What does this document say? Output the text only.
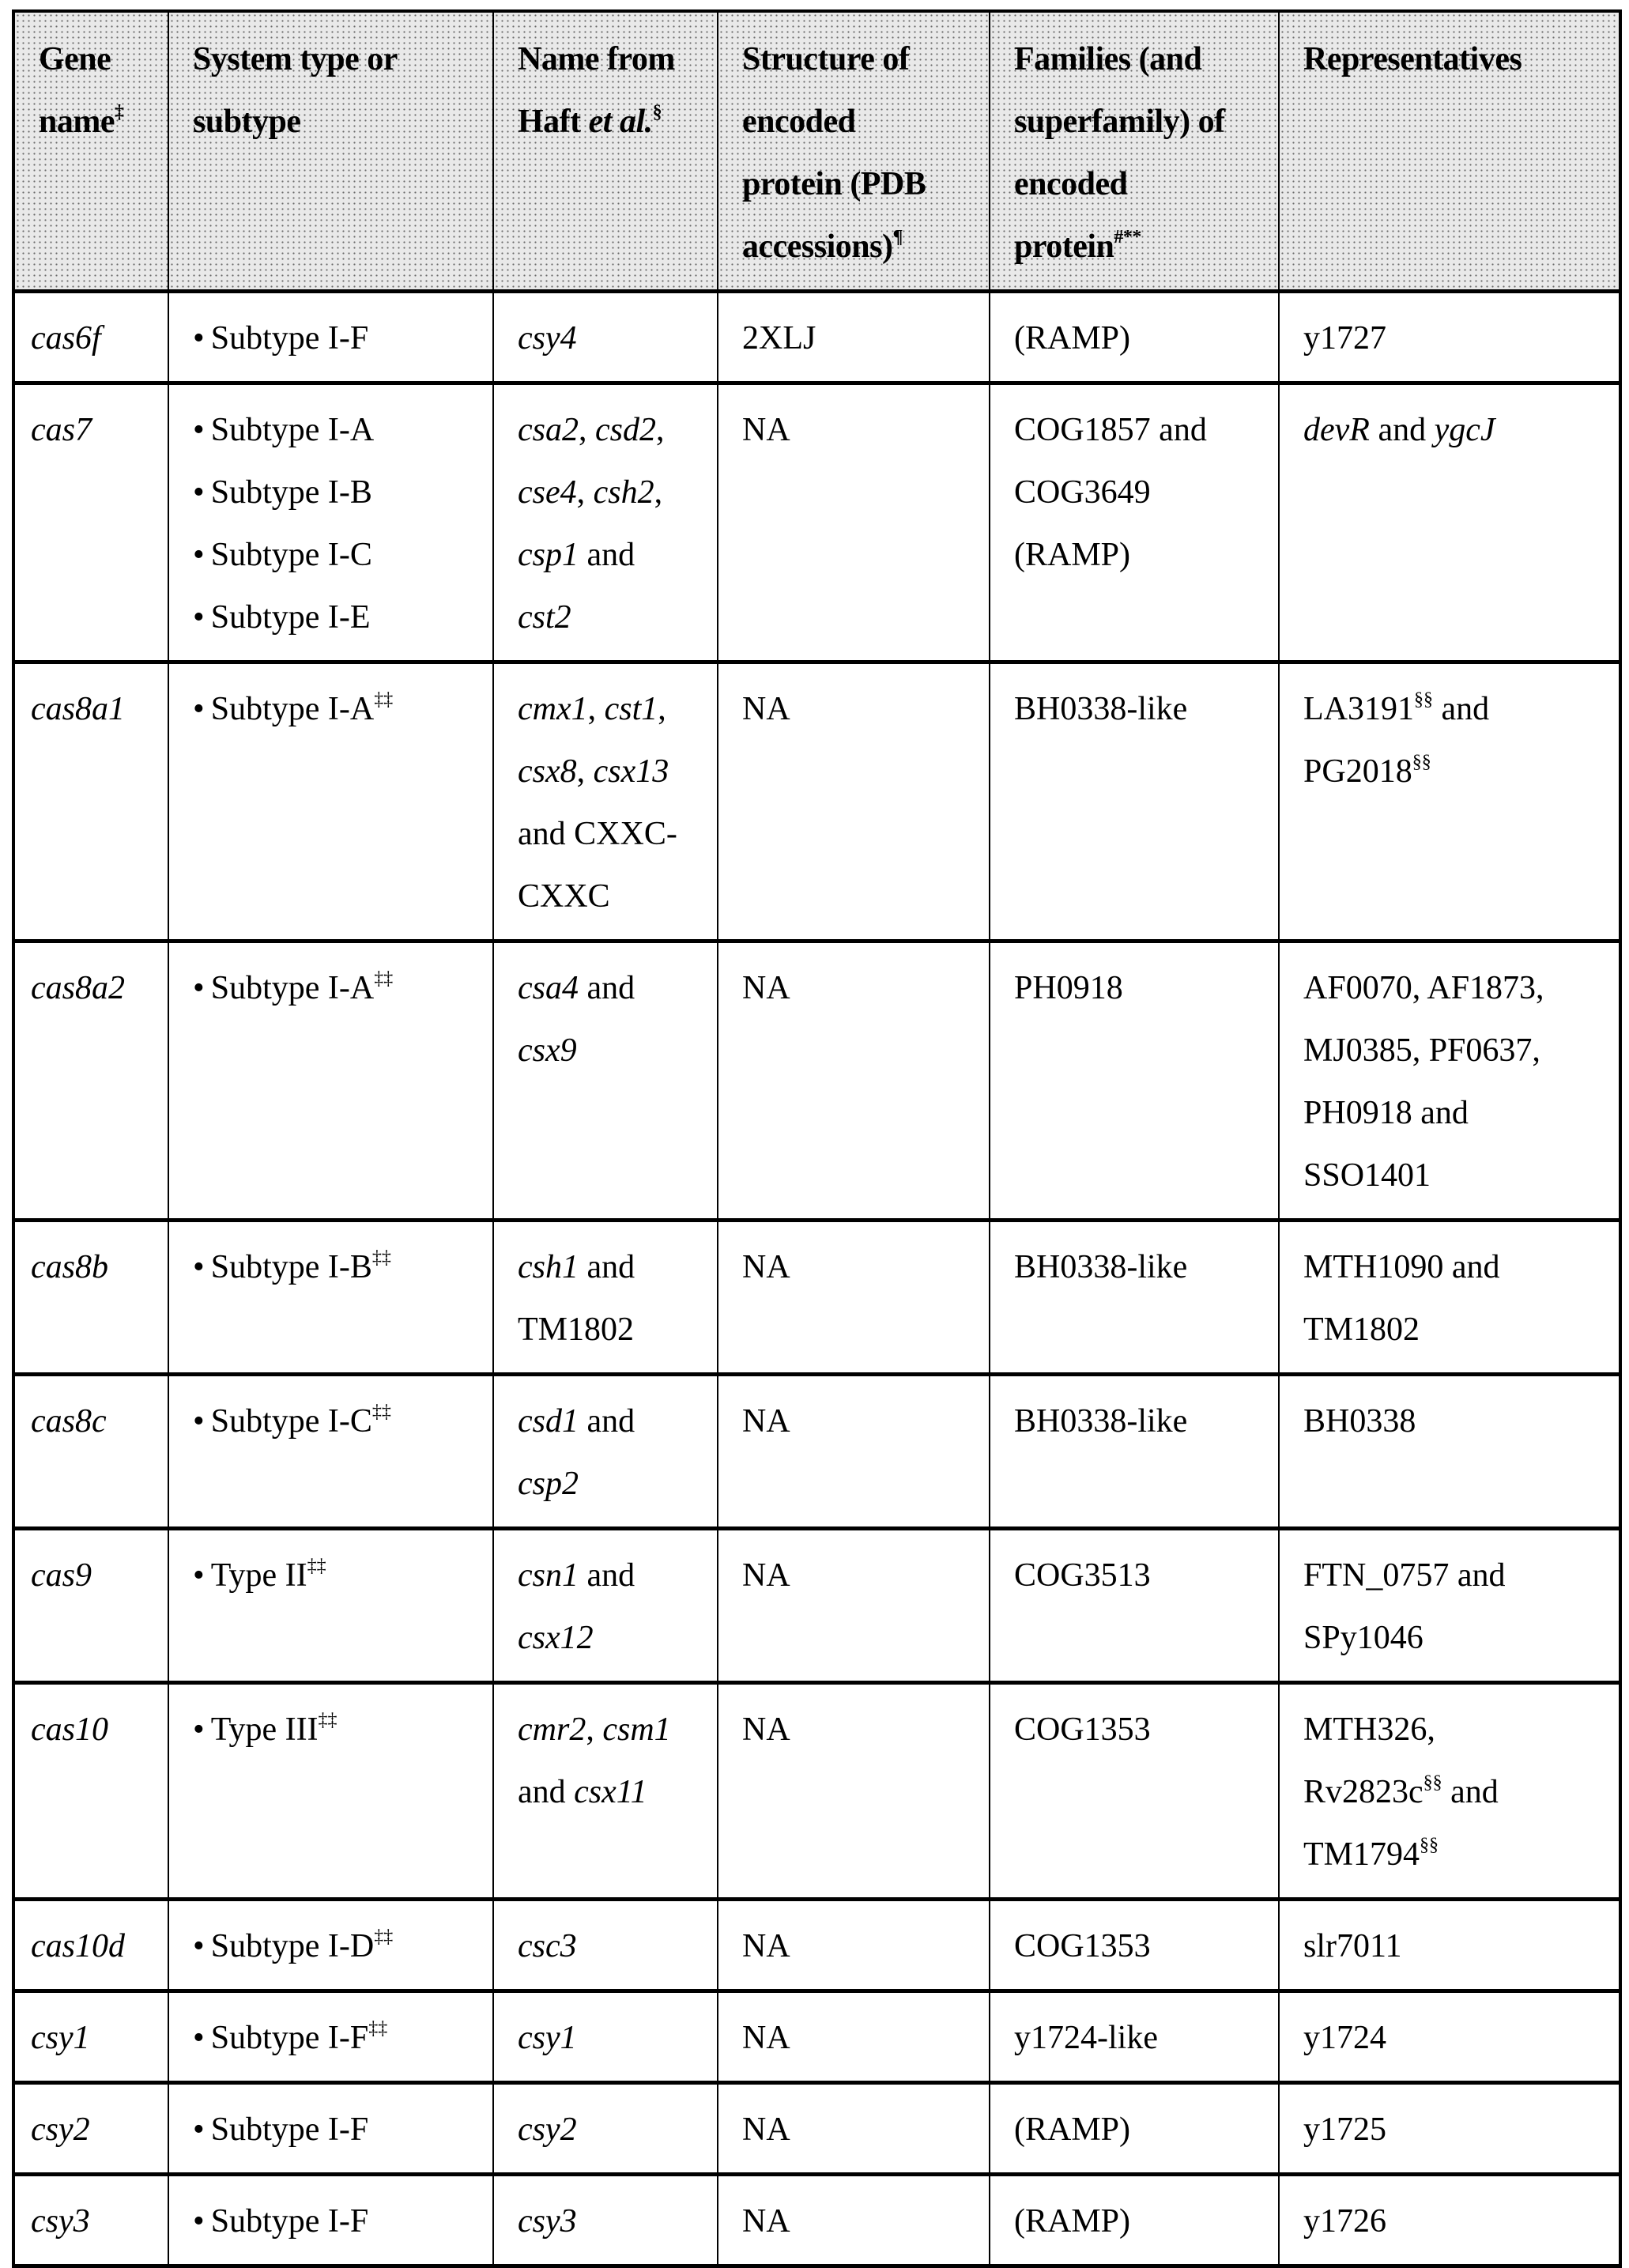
Gene
name‡	System type or
subtype	Name from
Haft et al.§	Structure of
encoded
protein (PDB
accessions)¶	Families (and
superfamily) of
encoded
protein#**	Representatives

cas6f	• Subtype I-F	csy4	2XLJ	(RAMP)	y1727

cas7	• Subtype I-A
• Subtype I-B
• Subtype I-C
• Subtype I-E	csa2, csd2,
cse4, csh2,
csp1 and
cst2	NA	COG1857 and
COG3649
(RAMP)	devR and ygcJ

cas8a1	• Subtype I-A‡‡	cmx1, cst1,
csx8, csx13
and CXXC-
CXXC	NA	BH0338-like	LA3191§§ and
PG2018§§

cas8a2	• Subtype I-A‡‡	csa4 and
csx9	NA	PH0918	AF0070, AF1873,
MJ0385, PF0637,
PH0918 and
SSO1401

cas8b	• Subtype I-B‡‡	csh1 and
TM1802	NA	BH0338-like	MTH1090 and
TM1802

cas8c	• Subtype I-C‡‡	csd1 and
csp2	NA	BH0338-like	BH0338

cas9	• Type II‡‡	csn1 and
csx12	NA	COG3513	FTN_0757 and
SPy1046

cas10	• Type III‡‡	cmr2, csm1
and csx11	NA	COG1353	MTH326,
Rv2823c§§ and
TM1794§§

cas10d	• Subtype I-D‡‡	csc3	NA	COG1353	slr7011

csy1	• Subtype I-F‡‡	csy1	NA	y1724-like	y1724

csy2	• Subtype I-F	csy2	NA	(RAMP)	y1725

csy3	• Subtype I-F	csy3	NA	(RAMP)	y1726
